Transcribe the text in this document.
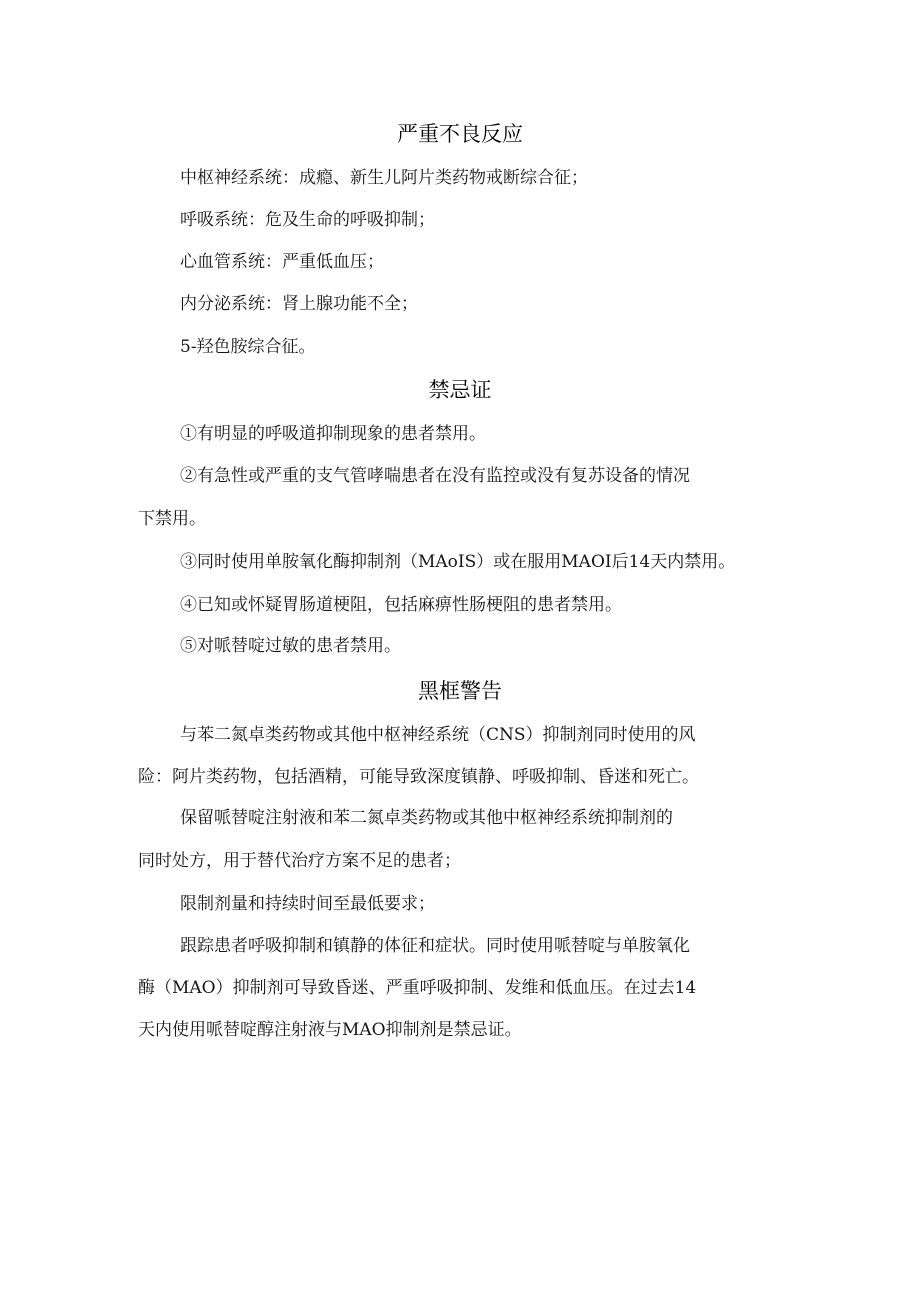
严重不良反应
中枢神经系统：成瘾、新生儿阿片类药物戒断综合征；
呼吸系统：危及生命的呼吸抑制；
心血管系统：严重低血压；
内分泌系统：肾上腺功能不全；
5-羟色胺综合征。
禁忌证
①有明显的呼吸道抑制现象的患者禁用。
②有急性或严重的支气管哮喘患者在没有监控或没有复苏设备的情况
下禁用。
③同时使用单胺氧化酶抑制剂（MAoIS）或在服用MAOI后14天内禁用。
④已知或怀疑胃肠道梗阻，包括麻痹性肠梗阻的患者禁用。
⑤对哌替啶过敏的患者禁用。
黑框警告
与苯二氮卓类药物或其他中枢神经系统（CNS）抑制剂同时使用的风
险：阿片类药物，包括酒精，可能导致深度镇静、呼吸抑制、昏迷和死亡。
保留哌替啶注射液和苯二氮卓类药物或其他中枢神经系统抑制剂的
同时处方，用于替代治疗方案不足的患者；
限制剂量和持续时间至最低要求；
跟踪患者呼吸抑制和镇静的体征和症状。同时使用哌替啶与单胺氧化
酶（MAO）抑制剂可导致昏迷、严重呼吸抑制、发维和低血压。在过去14
天内使用哌替啶醇注射液与MAO抑制剂是禁忌证。
